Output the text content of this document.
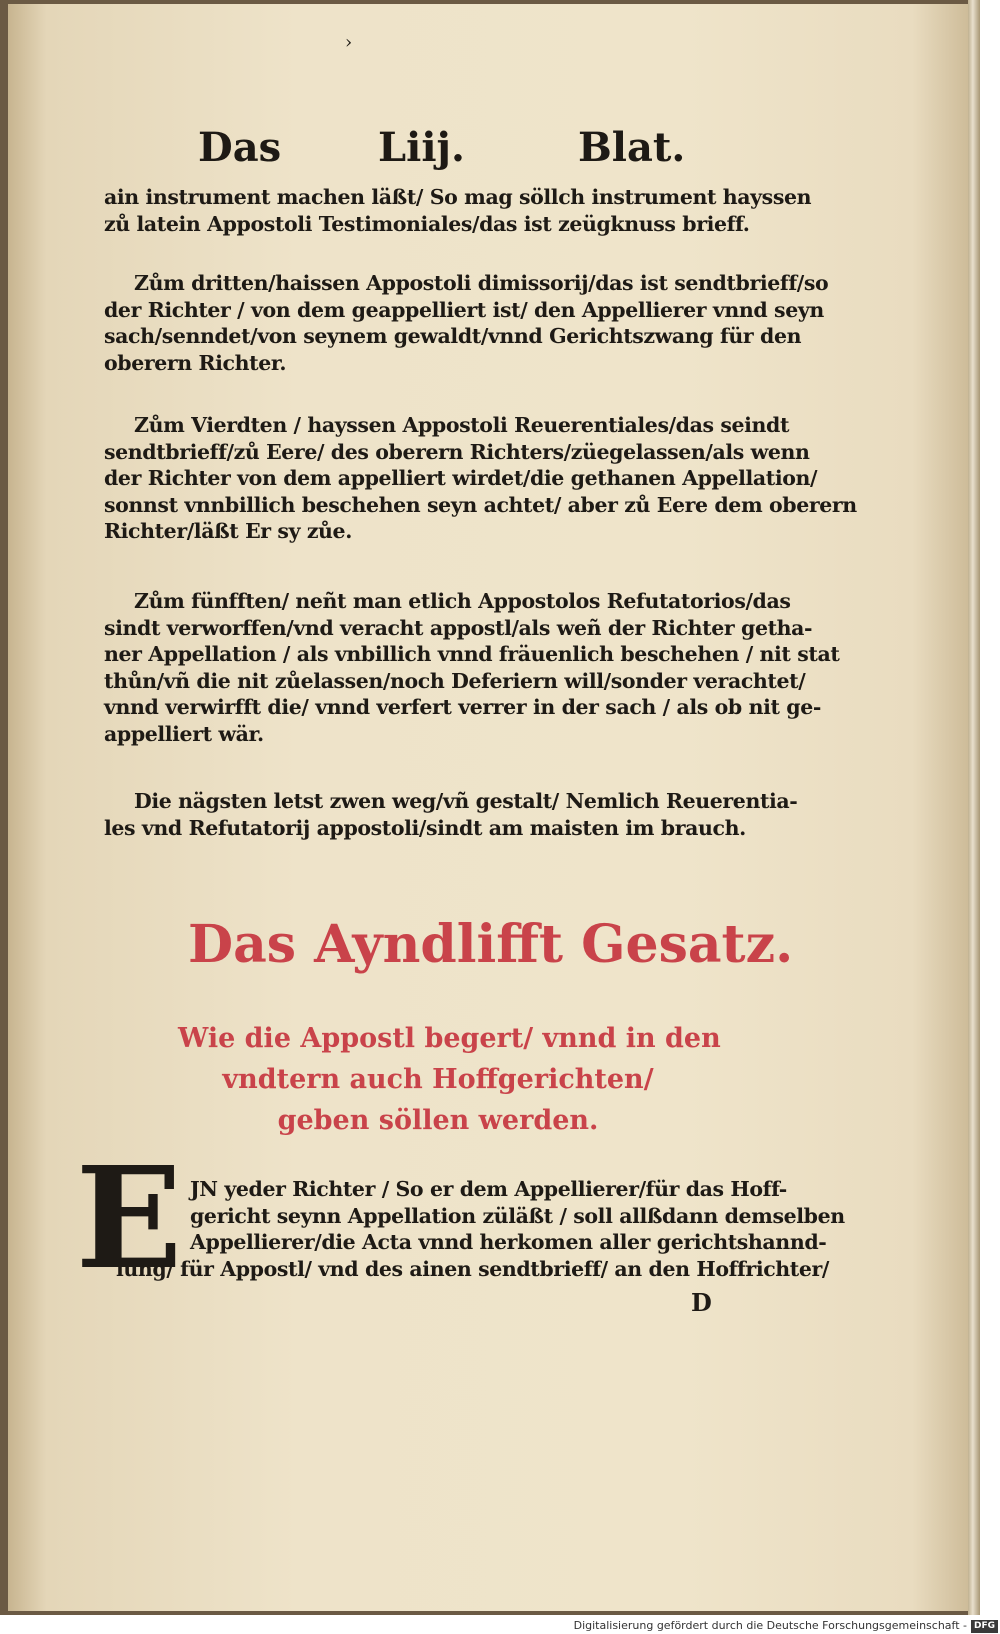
›
Das Liij.	Blat.

ain instrument machen läßt/ So mag söllch instrument hayssen
zů latein Appostoli Testimoniales/das ist zeügknuss brieff.

Zům dritten/haissen Appostoli dimissorij/das ist sendtbrieff/so
der Richter / von dem geappelliert ist/ den Appellierer vnnd seyn
sach/senndet/von seynem gewaldt/vnnd Gerichtszwang für den
oberern Richter.

Zům Vierdten / hayssen Appostoli Reuerentiales/das seindt
sendtbrieff/zů Eere/ des oberern Richters/züegelassen/als wenn
der Richter von dem appelliert wirdet/die gethanen Appellation/
sonnst vnnbillich beschehen seyn achtet/ aber zů Eere dem oberern
Richter/läßt Er sy zůe.

Zům fünfften/ neñt man etlich Appostolos Refutatorios/das
sindt verworffen/vnd veracht appostl/als weñ der Richter getha-
ner Appellation / als vnbillich vnnd fräuenlich beschehen / nit stat
thůn/vñ die nit zůelassen/noch Deferiern will/sonder verachtet/
vnnd verwirfft die/ vnnd verfert verrer in der sach / als ob nit ge-
appelliert wär.

Die nägsten letst zwen weg/vñ gestalt/ Nemlich Reuerentia-
les vnd Refutatorij appostoli/sindt am maisten im brauch.

Das Ayndlifft Gesatz.
Wie die Appostl begert/ vnnd in den
vndtern auch Hoffgerichten/
geben söllen werden.
E JN yeder Richter / So er dem Appellierer/für das Hoff-
gericht seynn Appellation züläßt / soll allßdann demselben
Appellierer/die Acta vnnd herkomen aller gerichtshannd-
lung/ für Appostl/ vnd des ainen sendtbrieff/ an den Hoffrichter/

D
Digitalisierung gefördert durch die Deutsche Forschungsgemeinschaft - DFG
